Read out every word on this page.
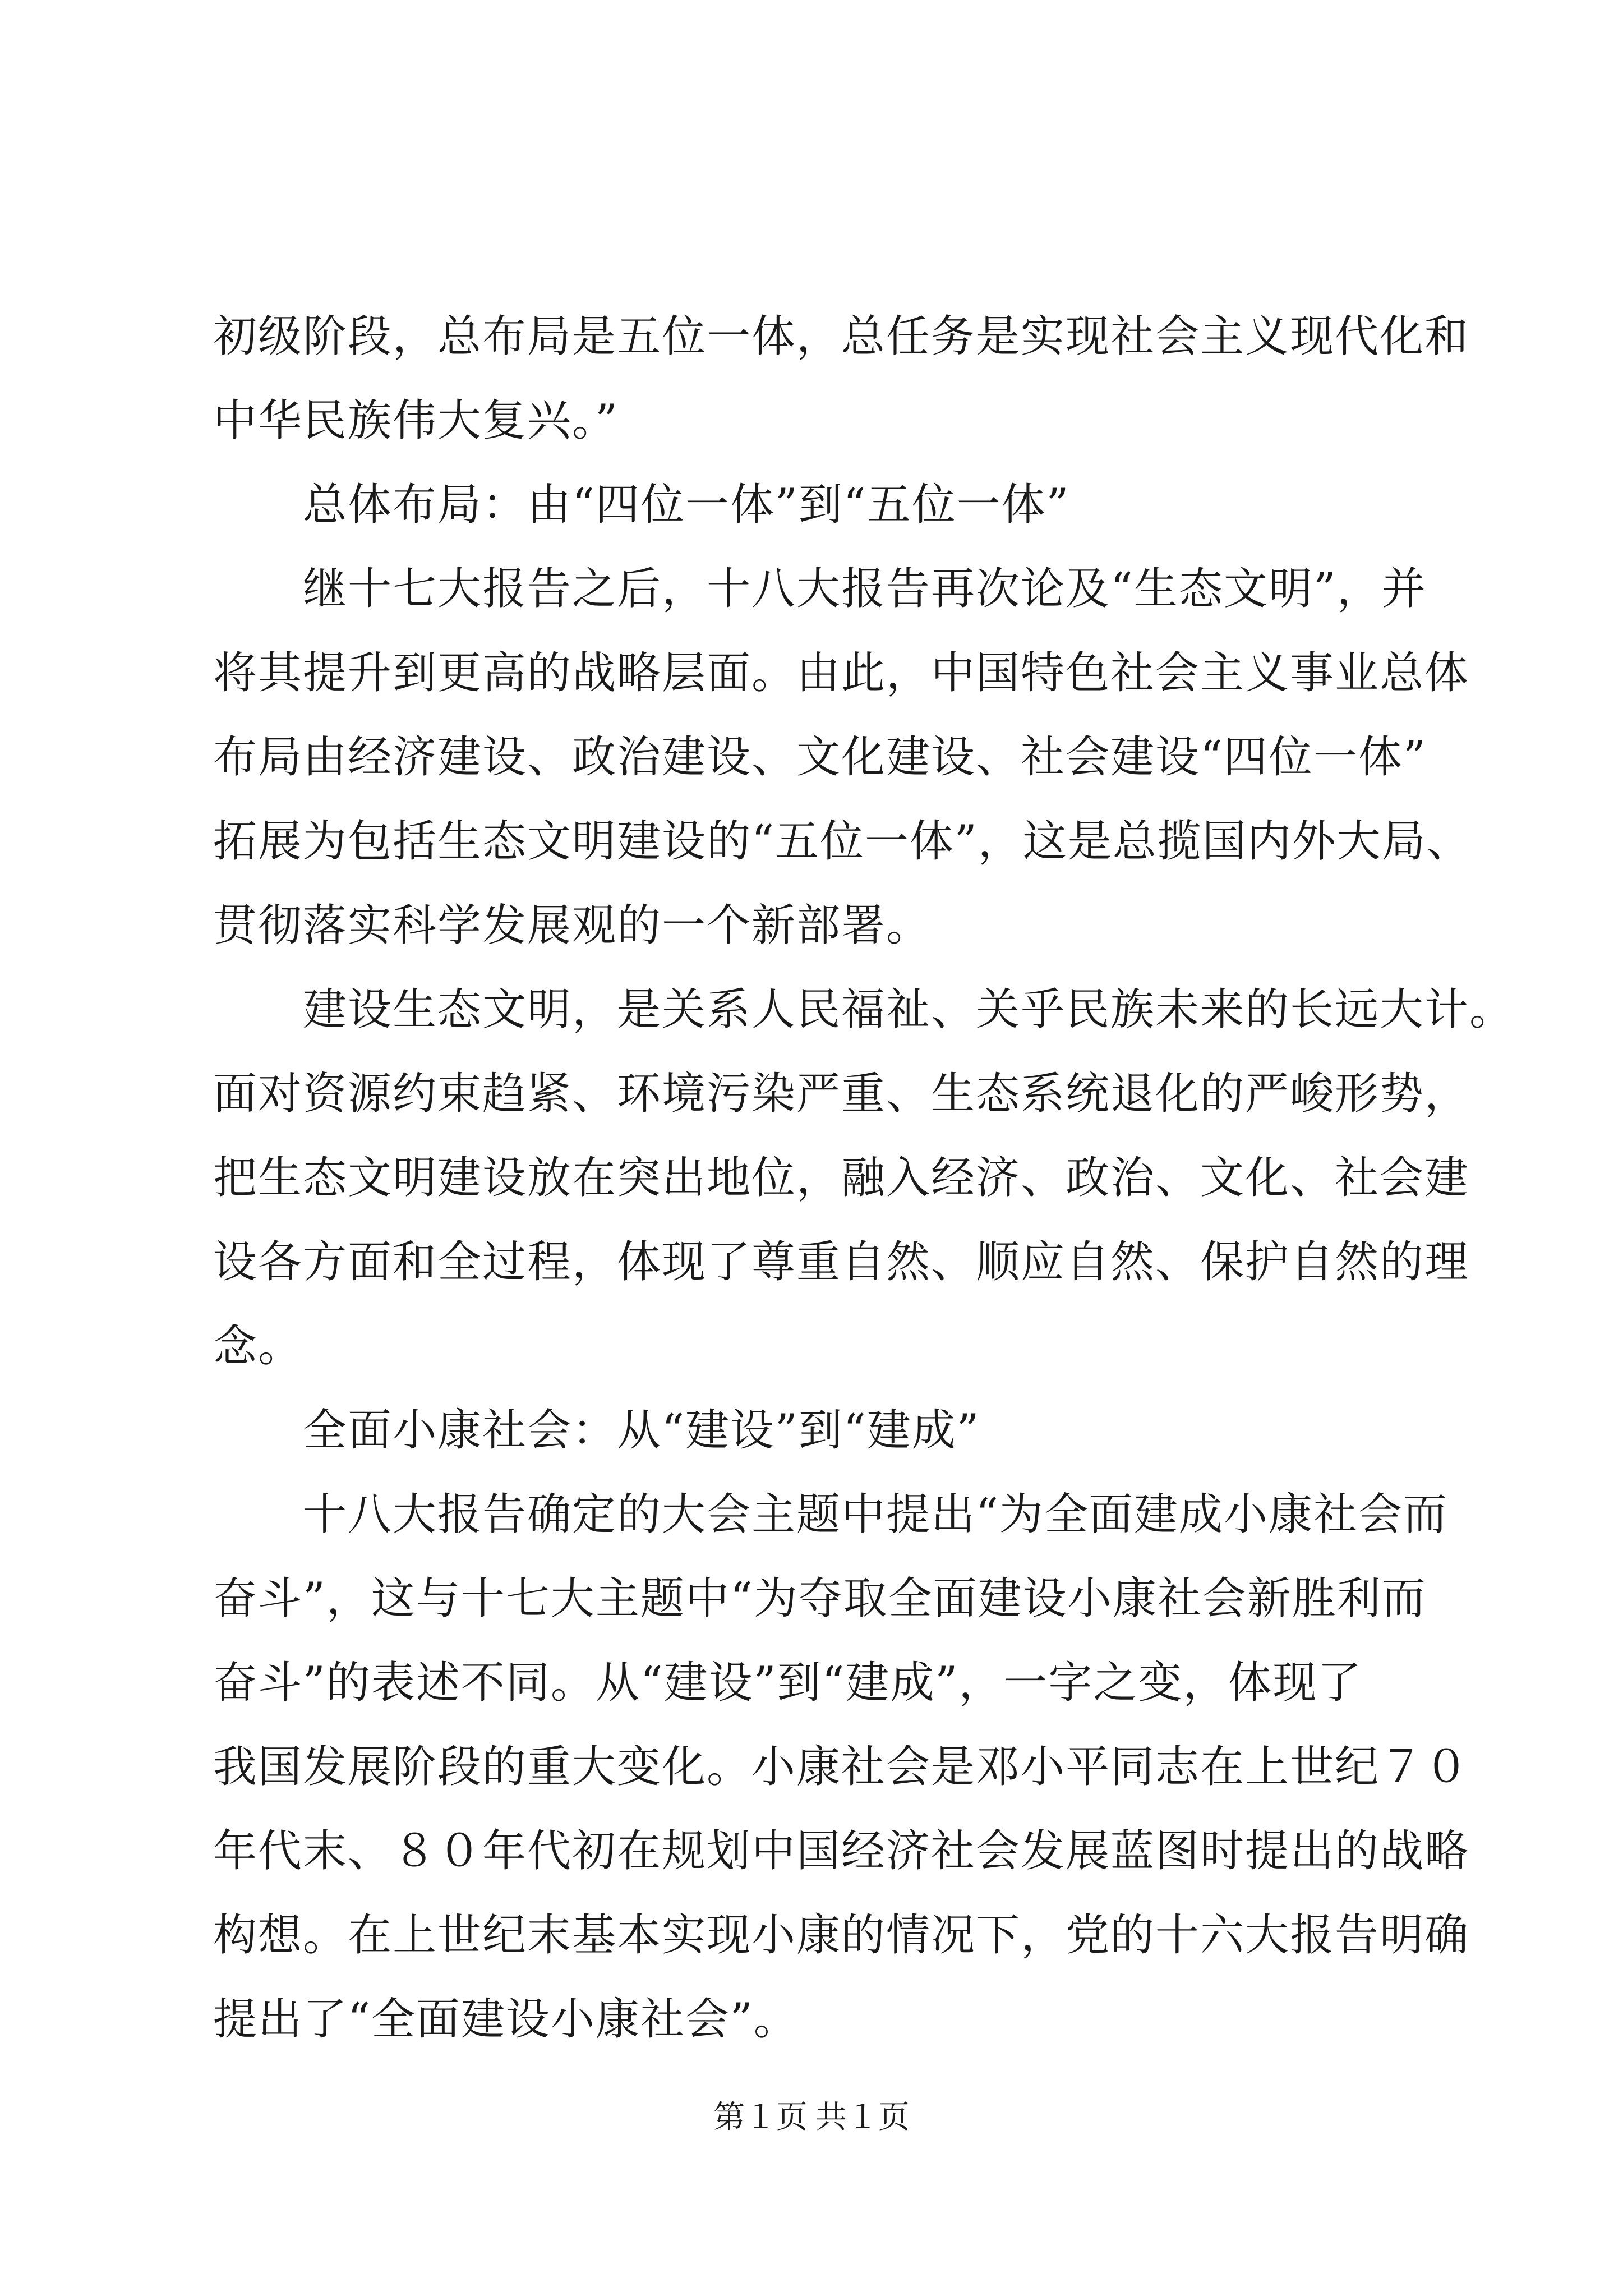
初级阶段，总布局是五位一体，总任务是实现社会主义现代化和
中华民族伟大复兴。”
总体布局：由“四位一体”到“五位一体”
继十七大报告之后，十八大报告再次论及“生态文明”，并
将其提升到更高的战略层面。由此，中国特色社会主义事业总体
布局由经济建设、政治建设、文化建设、社会建设“四位一体”
拓展为包括生态文明建设的“五位一体”，这是总揽国内外大局、
贯彻落实科学发展观的一个新部署。
建设生态文明，是关系人民福祉、关乎民族未来的长远大计。
面对资源约束趋紧、环境污染严重、生态系统退化的严峻形势，
把生态文明建设放在突出地位，融入经济、政治、文化、社会建
设各方面和全过程，体现了尊重自然、顺应自然、保护自然的理
念。
全面小康社会：从“建设”到“建成”
十八大报告确定的大会主题中提出“为全面建成小康社会而
奋斗”，这与十七大主题中“为夺取全面建设小康社会新胜利而
奋斗”的表述不同。从“建设”到“建成”，一字之变，体现了
我国发展阶段的重大变化。小康社会是邓小平同志在上世纪７０
年代末、８０年代初在规划中国经济社会发展蓝图时提出的战略
构想。在上世纪末基本实现小康的情况下，党的十六大报告明确
提出了“全面建设小康社会”。
第１页 共１页
